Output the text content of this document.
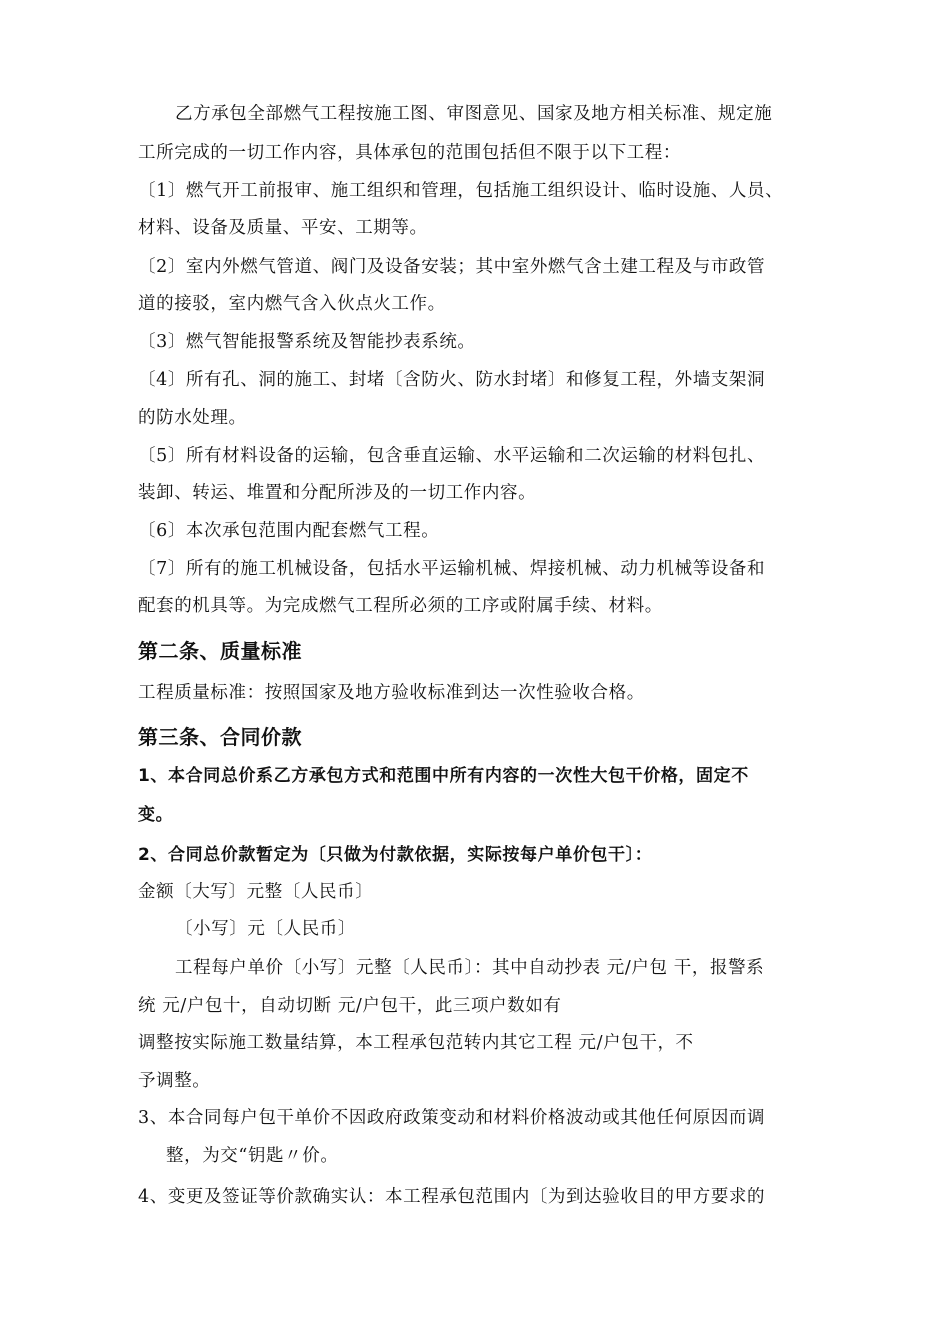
乙方承包全部燃气工程按施工图、审图意见、国家及地方相关标准、规定施
工所完成的一切工作内容，具体承包的范围包括但不限于以下工程：
〔1〕燃气开工前报审、施工组织和管理，包括施工组织设计、临时设施、人员、
材料、设备及质量、平安、工期等。
〔2〕室内外燃气管道、阀门及设备安装；其中室外燃气含土建工程及与市政管
道的接驳，室内燃气含入伙点火工作。
〔3〕燃气智能报警系统及智能抄表系统。
〔4〕所有孔、洞的施工、封堵〔含防火、防水封堵〕和修复工程，外墙支架洞
的防水处理。
〔5〕所有材料设备的运输，包含垂直运输、水平运输和二次运输的材料包扎、
装卸、转运、堆置和分配所涉及的一切工作内容。
〔6〕本次承包范围内配套燃气工程。
〔7〕所有的施工机械设备，包括水平运输机械、焊接机械、动力机械等设备和
配套的机具等。为完成燃气工程所必须的工序或附属手续、材料。
第二条、质量标准
工程质量标准：按照国家及地方验收标准到达一次性验收合格。
第三条、合同价款
1、本合同总价系乙方承包方式和范围中所有内容的一次性大包干价格，固定不
变。
2、合同总价款暂定为〔只做为付款依据，实际按每户单价包干〕：
金额〔大写〕元整〔人民币〕
〔小写〕元〔人民币〕
工程每户单价〔小写〕元整〔人民币〕：其中自动抄表 元/户包 干，报警系
统 元/户包十，自动切断 元/户包干，此三项户数如有
调整按实际施工数量结算，本工程承包范转内其它工程 元/户包干，不
予调整。
3、本合同每户包干单价不因政府政策变动和材料价格波动或其他任何原因而调
整，为交“钥匙〃价。
4、变更及签证等价款确实认：本工程承包范围内〔为到达验收目的甲方要求的
